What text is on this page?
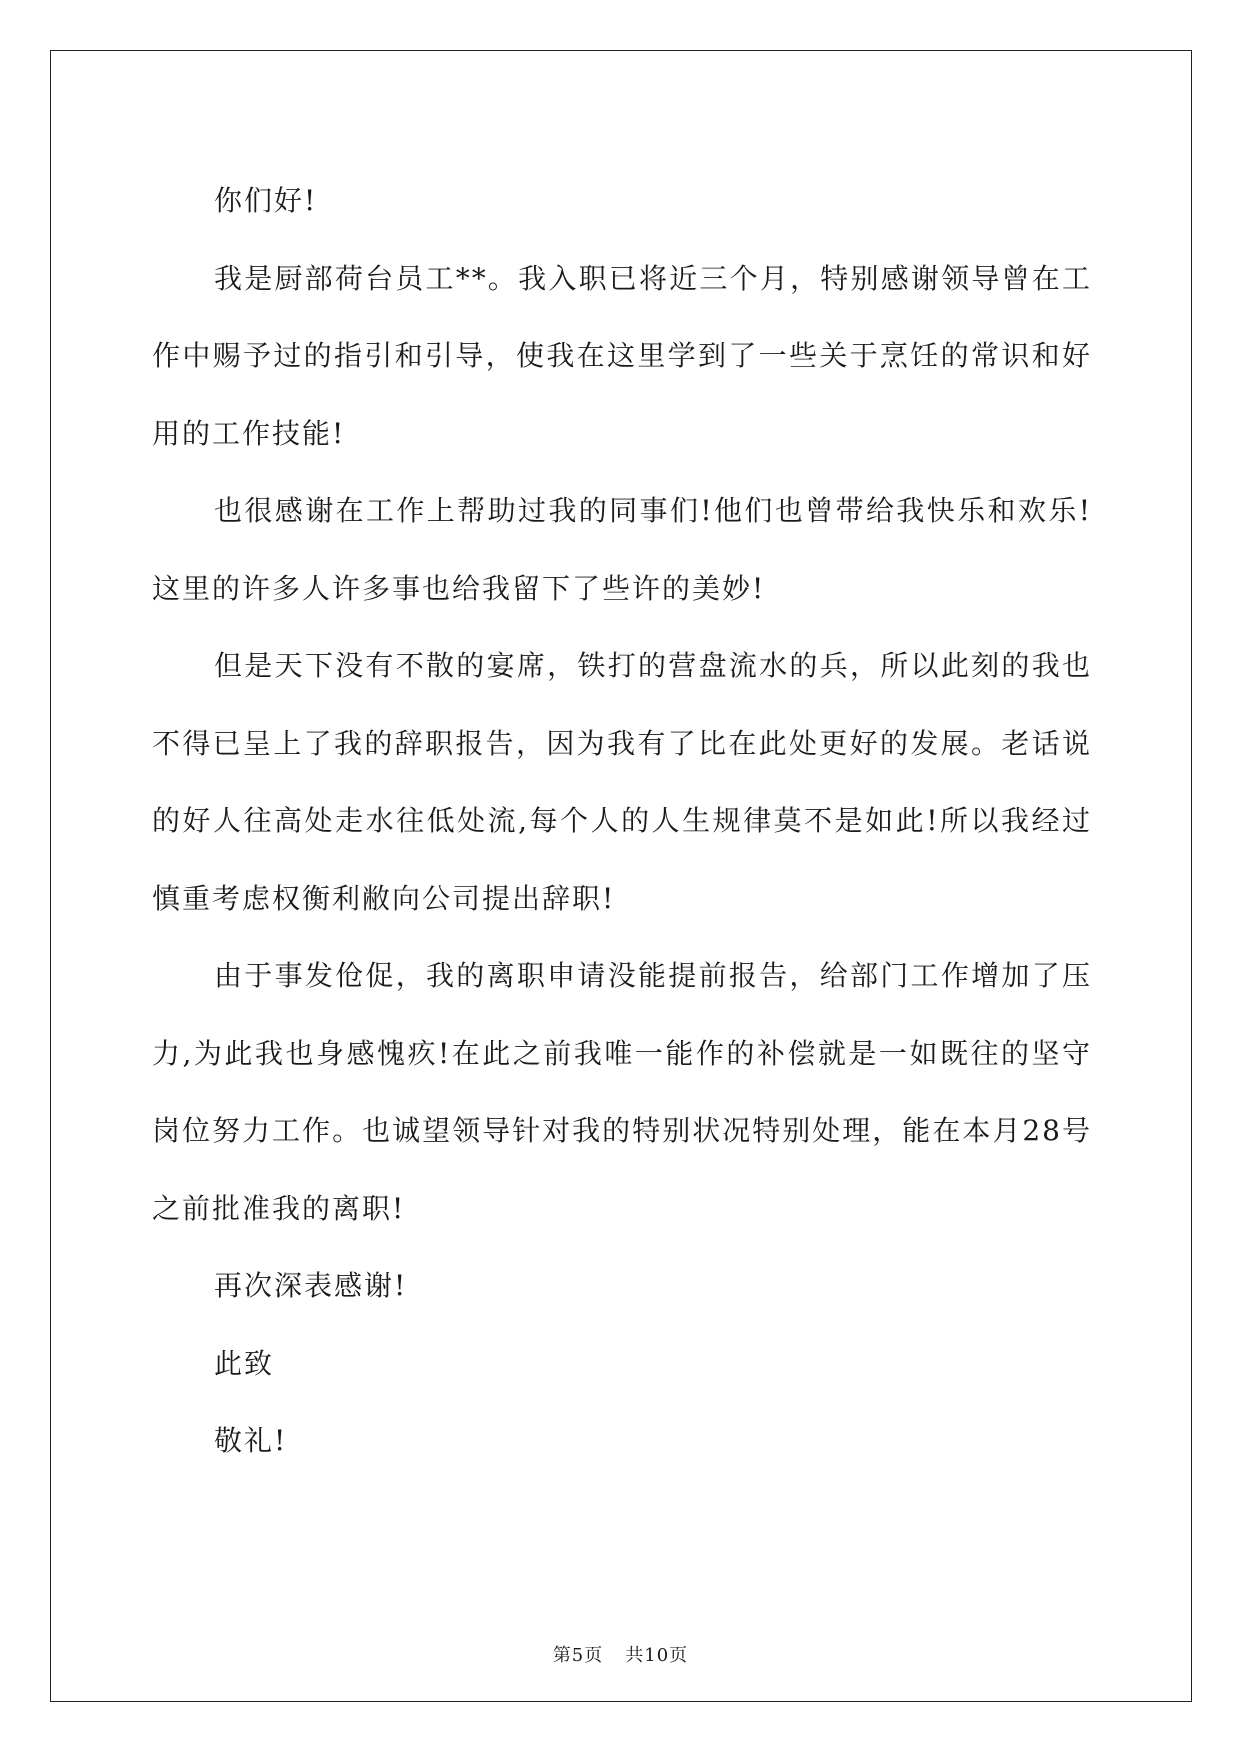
你们好!

我是厨部荷台员工**。我入职已将近三个月，特别感谢领导曾在工作中赐予过的指引和引导，使我在这里学到了一些关于烹饪的常识和好用的工作技能!

也很感谢在工作上帮助过我的同事们!他们也曾带给我快乐和欢乐!这里的许多人许多事也给我留下了些许的美妙!

但是天下没有不散的宴席，铁打的营盘流水的兵，所以此刻的我也不得已呈上了我的辞职报告，因为我有了比在此处更好的发展。老话说的好人往高处走水往低处流,每个人的人生规律莫不是如此!所以我经过慎重考虑权衡利敝向公司提出辞职!

由于事发伧促，我的离职申请没能提前报告，给部门工作增加了压力,为此我也身感愧疚!在此之前我唯一能作的补偿就是一如既往的坚守岗位努力工作。也诚望领导针对我的特别状况特别处理，能在本月28号之前批准我的离职!

再次深表感谢!

此致

敬礼!

第5页 共10页
